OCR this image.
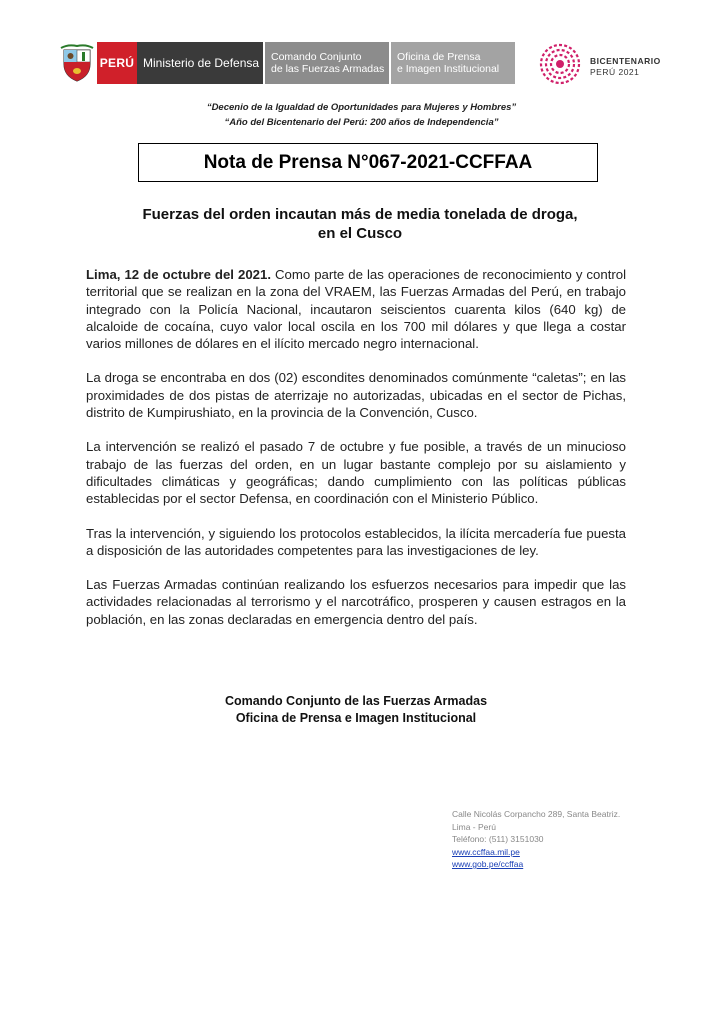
PERÚ Ministerio de Defensa	Comando Conjunto
de las Fuerzas Armadas
Oficina de Prensa
e Imagen Institucional
BICENTENARIO
PERÚ 2021
“Decenio de la Igualdad de Oportunidades para Mujeres y Hombres”
“Año del Bicentenario del Perú: 200 años de Independencia”
Nota de Prensa N°067-2021-CCFFAA
Fuerzas del orden incautan más de media tonelada de droga,
en el Cusco

Lima, 12 de octubre del 2021. Como parte de las operaciones de reconocimiento y control territorial que se realizan en la zona del VRAEM, las Fuerzas Armadas del Perú, en trabajo integrado con la Policía Nacional, incautaron seiscientos cuarenta kilos (640 kg) de alcaloide de cocaína, cuyo valor local oscila en los 700 mil dólares y que llega a costar varios millones de dólares en el ilícito mercado negro internacional.

La droga se encontraba en dos (02) escondites denominados comúnmente “caletas”; en las proximidades de dos pistas de aterrizaje no autorizadas, ubicadas en el sector de Pichas, distrito de Kumpirushiato, en la provincia de la Convención, Cusco.

La intervención se realizó el pasado 7 de octubre y fue posible, a través de un minucioso trabajo de las fuerzas del orden, en un lugar bastante complejo por su aislamiento y dificultades climáticas y geográficas; dando cumplimiento con las políticas públicas establecidas por el sector Defensa, en coordinación con el Ministerio Público.

Tras la intervención, y siguiendo los protocolos establecidos, la ilícita mercadería fue puesta a disposición de las autoridades competentes para las investigaciones de ley.

Las Fuerzas Armadas continúan realizando los esfuerzos necesarios para impedir que las actividades relacionadas al terrorismo y el narcotráfico, prosperen y causen estragos en la población, en las zonas declaradas en emergencia dentro del país.

Comando Conjunto de las Fuerzas Armadas
Oficina de Prensa e Imagen Institucional
Calle Nicolás Corpancho 289, Santa Beatriz.
Lima - Perú
Teléfono: (511) 3151030
www.ccffaa.mil.pe
www.gob.pe/ccffaa
